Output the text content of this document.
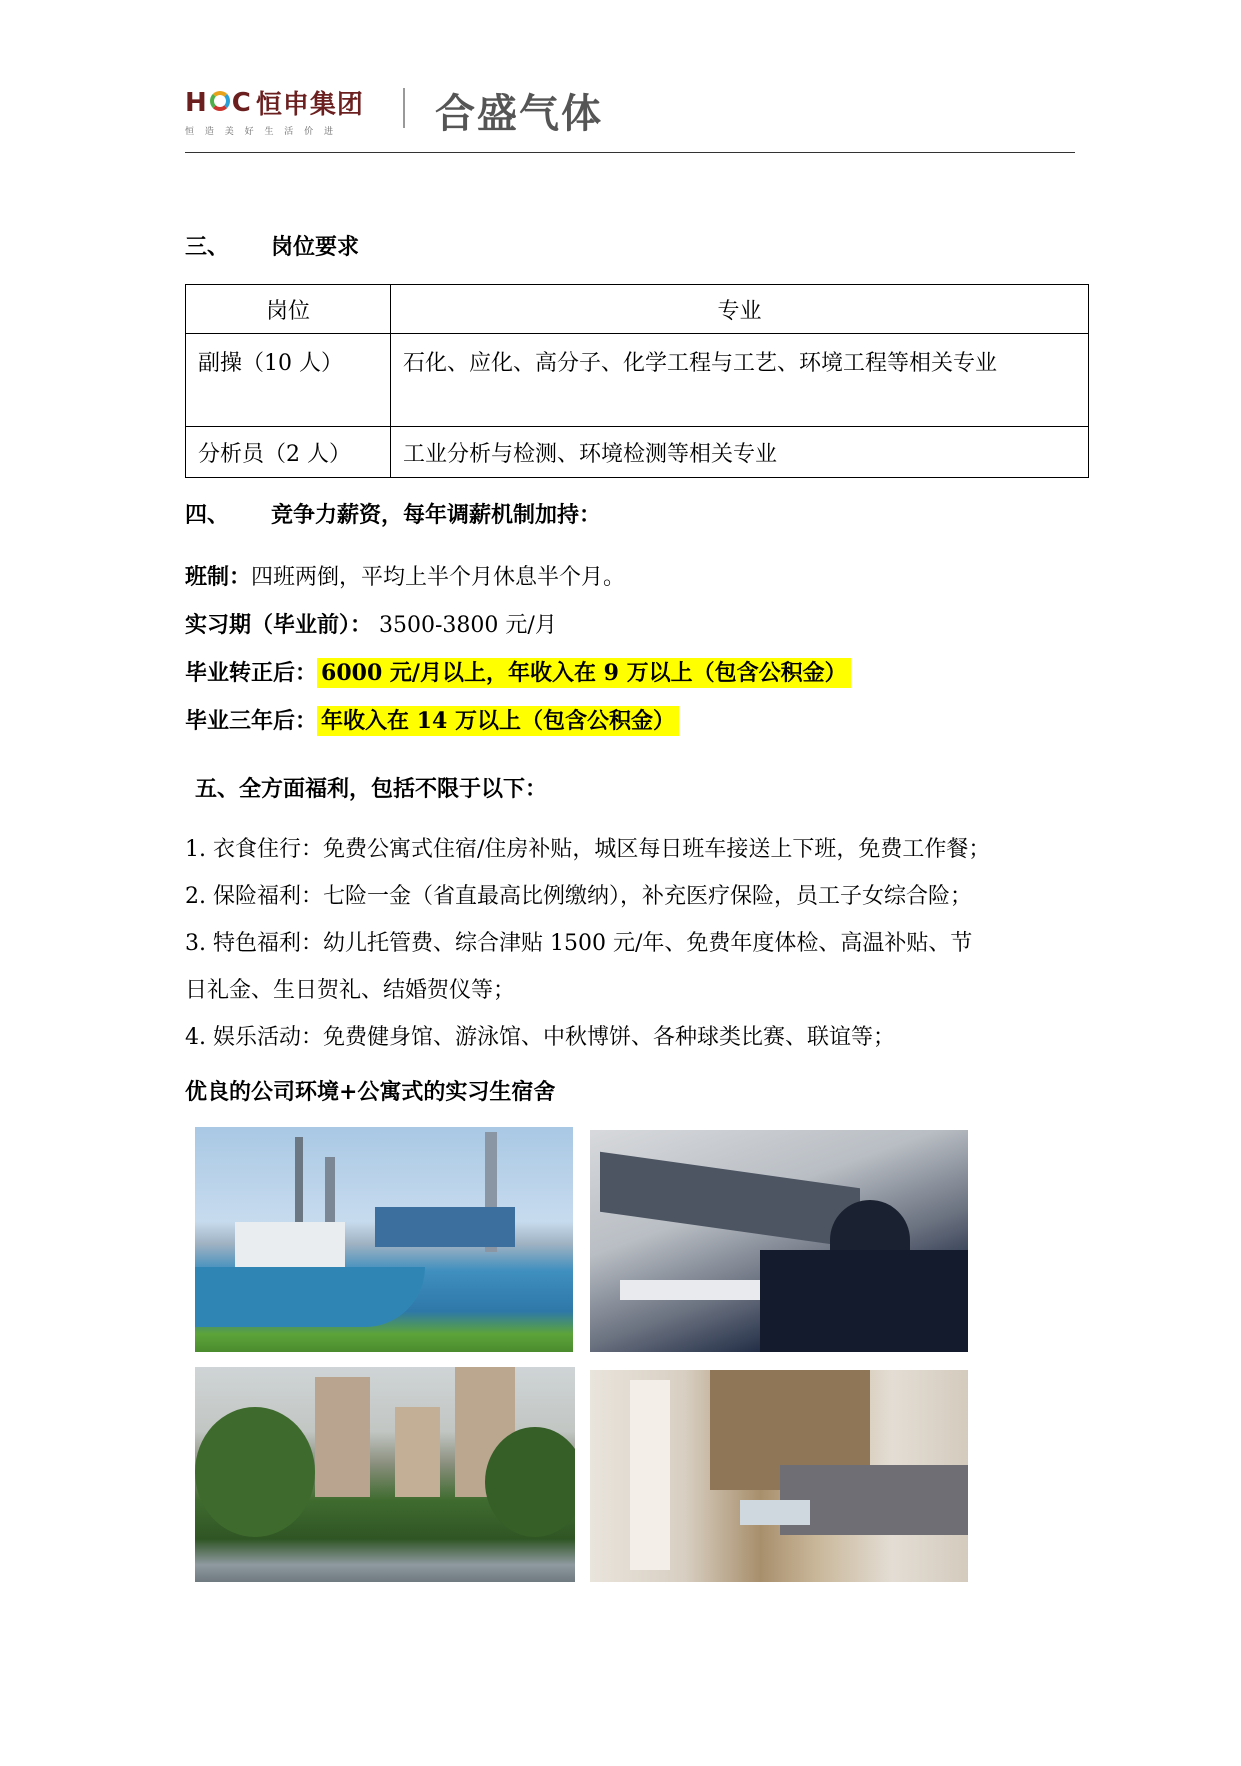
H C 恒申集团
恒 造 美 好 生 活 价 进	合盛气体
三、 岗位要求
岗位	专业
副操（10 人）	石化、应化、高分子、化学工程与工艺、环境工程等相关专业
分析员（2 人）	工业分析与检测、环境检测等相关专业
四、 竞争力薪资，每年调薪机制加持：
班制：四班两倒，平均上半个月休息半个月。
实习期（毕业前）： 3500-3800 元/月
毕业转正后： 6000 元/月以上，年收入在 9 万以上（包含公积金）
毕业三年后： 年收入在 14 万以上（包含公积金）
五、全方面福利，包括不限于以下：

1. 衣食住行：免费公寓式住宿/住房补贴，城区每日班车接送上下班，免费工作餐；

2. 保险福利：七险一金（省直最高比例缴纳），补充医疗保险，员工子女综合险；

3. 特色福利：幼儿托管费、综合津贴 1500 元/年、免费年度体检、高温补贴、节

日礼金、生日贺礼、结婚贺仪等；

4. 娱乐活动：免费健身馆、游泳馆、中秋博饼、各种球类比赛、联谊等；

优良的公司环境+公寓式的实习生宿舍
